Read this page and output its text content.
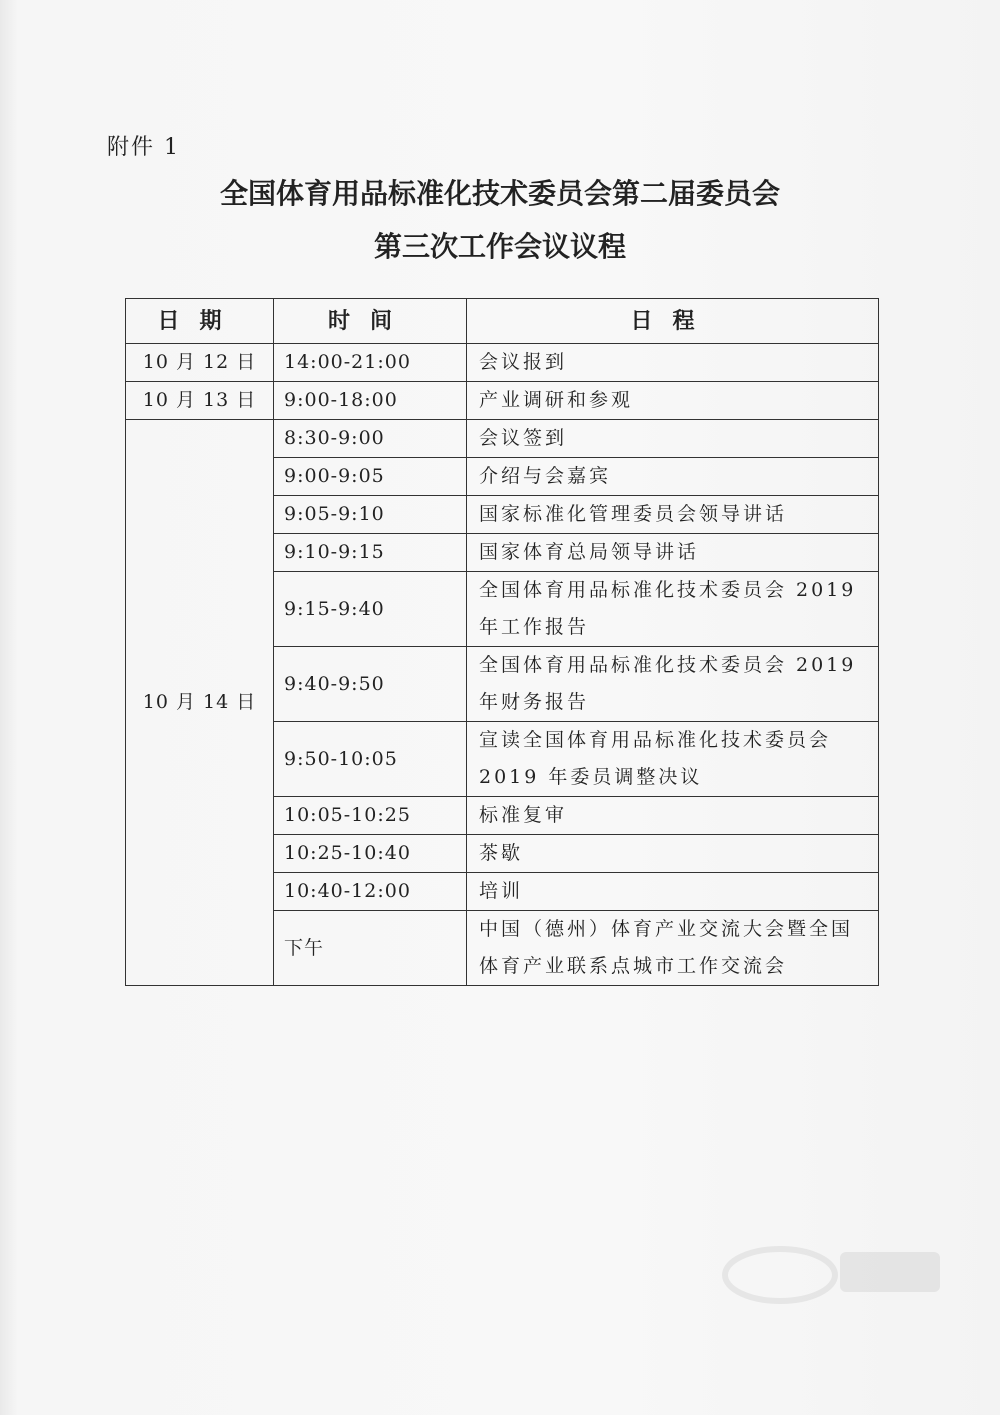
附件 1
全国体育用品标准化技术委员会第二届委员会
第三次工作会议议程
日期	时间	日程
10 月 12 日	14:00-21:00	会议报到
10 月 13 日	9:00-18:00	产业调研和参观
10 月 14 日	8:30-9:00	会议签到
	9:00-9:05	介绍与会嘉宾
	9:05-9:10	国家标准化管理委员会领导讲话
	9:10-9:15	国家体育总局领导讲话
	9:15-9:40	全国体育用品标准化技术委员会 2019
年工作报告

	9:40-9:50	全国体育用品标准化技术委员会 2019
年财务报告

	9:50-10:05	宣读全国体育用品标准化技术委员会
2019 年委员调整决议

	10:05-10:25	标准复审
	10:25-10:40	茶歇
	10:40-12:00	培训
	下午	中国（德州）体育产业交流大会暨全国
体育产业联系点城市工作交流会
